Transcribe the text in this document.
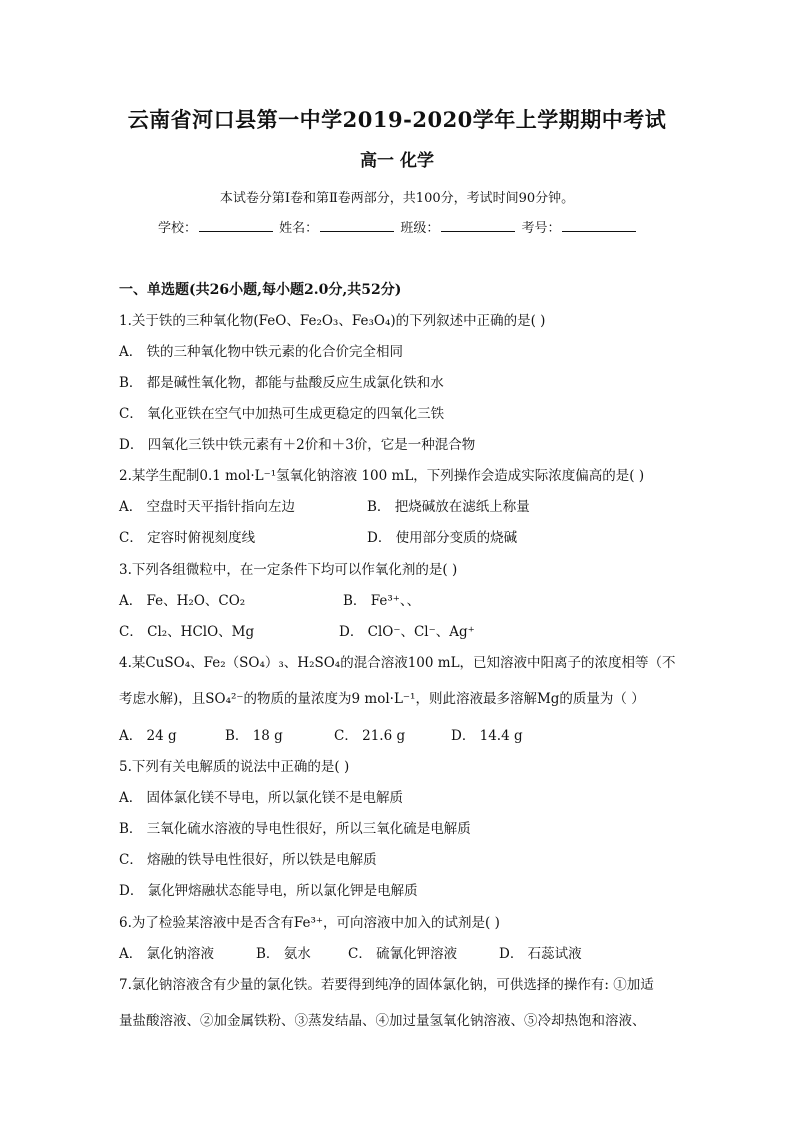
云南省河口县第一中学2019-2020学年上学期期中考试
高一 化学
本试卷分第Ⅰ卷和第Ⅱ卷两部分，共100分，考试时间90分钟。
学校：	姓名：	班级：	考号：
一、单选题(共26小题,每小题2.0分,共52分)
1.关于铁的三种氧化物(FeO、Fe₂O₃、Fe₃O₄)的下列叙述中正确的是( )
A． 铁的三种氧化物中铁元素的化合价完全相同
B． 都是碱性氧化物，都能与盐酸反应生成氯化铁和水
C． 氧化亚铁在空气中加热可生成更稳定的四氧化三铁
D． 四氧化三铁中铁元素有＋2价和＋3价，它是一种混合物
2.某学生配制0.1 mol·L⁻¹氢氧化钠溶液 100 mL，下列操作会造成实际浓度偏高的是( )
A． 空盘时天平指针指向左边	B． 把烧碱放在滤纸上称量
C． 定容时俯视刻度线	D． 使用部分变质的烧碱
3.下列各组微粒中，在一定条件下均可以作氧化剂的是( )
A． Fe、H₂O、CO₂	B． Fe³⁺、、
C． Cl₂、HClO、Mg	D． ClO⁻、Cl⁻、Ag⁺
4.某CuSO₄、Fe₂（SO₄）₃、H₂SO₄的混合溶液100 mL，已知溶液中阳离子的浓度相等（不
考虑水解)，且SO₄²⁻的物质的量浓度为9 mol·L⁻¹，则此溶液最多溶解Mg的质量为（ ）
A． 24 g	B． 18 g	C． 21.6 g	D． 14.4 g
5.下列有关电解质的说法中正确的是( )
A． 固体氯化镁不导电，所以氯化镁不是电解质
B． 三氧化硫水溶液的导电性很好，所以三氧化硫是电解质
C． 熔融的铁导电性很好，所以铁是电解质
D． 氯化钾熔融状态能导电，所以氯化钾是电解质
6.为了检验某溶液中是否含有Fe³⁺，可向溶液中加入的试剂是( )
A． 氯化钠溶液	B． 氨水	C． 硫氰化钾溶液	D． 石蕊试液
7.氯化钠溶液含有少量的氯化铁。若要得到纯净的固体氯化钠，可供选择的操作有: ①加适
量盐酸溶液、②加金属铁粉、③蒸发结晶、④加过量氢氧化钠溶液、⑤冷却热饱和溶液、
